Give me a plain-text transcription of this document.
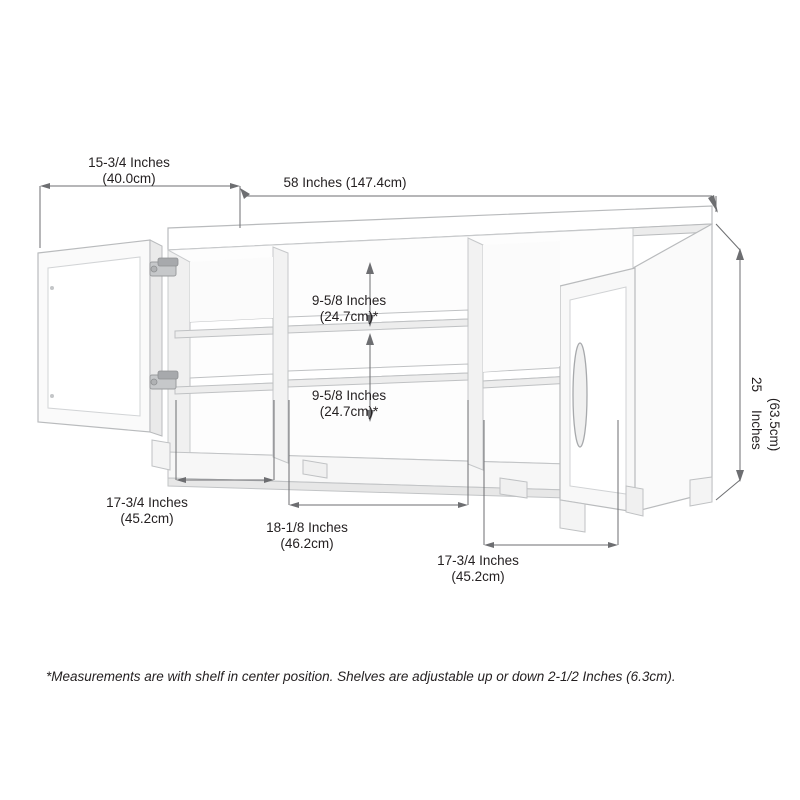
15-3/4 Inches
(40.0cm)	58 Inches (147.4cm)
9-5/8 Inches
(24.7cm)*
9-5/8 Inches
(24.7cm)*
25
Inches (63.5cm)
17-3/4 Inches
(45.2cm)
18-1/8 Inches
(46.2cm)
17-3/4 Inches
(45.2cm)
*Measurements are with shelf in center position. Shelves are adjustable up or down 2-1/2 Inches (6.3cm).
